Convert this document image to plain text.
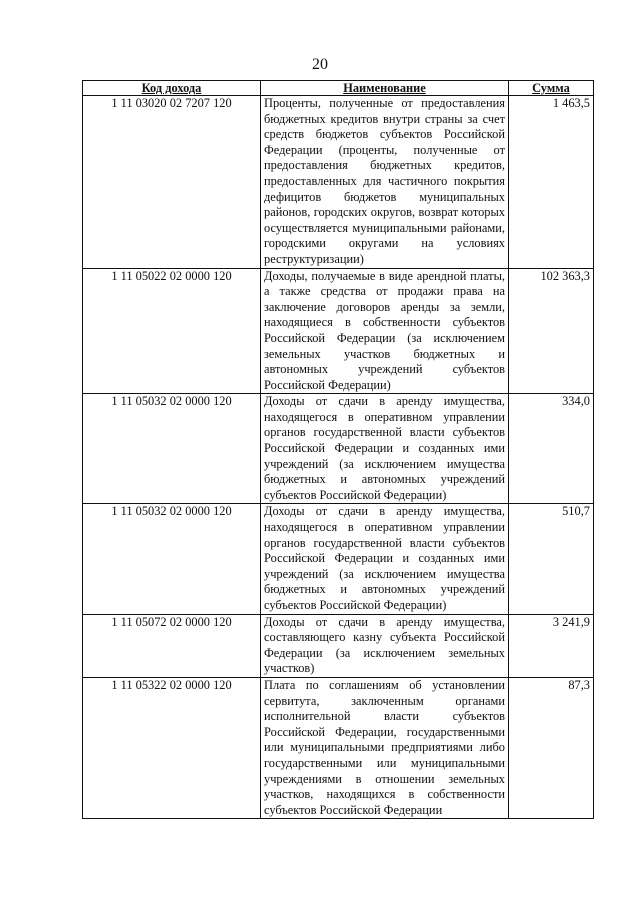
20
Код дохода	Наименование	Сумма
1 11 03020 02 7207 120	Проценты, полученные от предоставления бюджетных кредитов внутри страны за счет средств бюджетов субъектов Российской Федерации (проценты, полученные от предоставления бюджетных кредитов, предоставленных для частичного покрытия дефицитов бюджетов муниципальных районов, городских округов, возврат которых осуществляется муниципальными районами, городскими округами на условиях реструктуризации)	1 463,5
1 11 05022 02 0000 120	Доходы, получаемые в виде арендной платы, а также средства от продажи права на заключение договоров аренды за земли, находящиеся в собственности субъектов Российской Федерации (за исключением земельных участков бюджетных и автономных учреждений субъектов Российской Федерации)	102 363,3
1 11 05032 02 0000 120	Доходы от сдачи в аренду имущества, находящегося в оперативном управлении органов государственной власти субъектов Российской Федерации и созданных ими учреждений (за исключением имущества бюджетных и автономных учреждений субъектов Российской Федерации)	334,0
1 11 05032 02 0000 120	Доходы от сдачи в аренду имущества, находящегося в оперативном управлении органов государственной власти субъектов Российской Федерации и созданных ими учреждений (за исключением имущества бюджетных и автономных учреждений субъектов Российской Федерации)	510,7
1 11 05072 02 0000 120	Доходы от сдачи в аренду имущества, составляющего казну субъекта Российской Федерации (за исключением земельных участков)	3 241,9
1 11 05322 02 0000 120	Плата по соглашениям об установлении сервитута, заключенным органами исполнительной власти субъектов Российской Федерации, государственными или муниципальными предприятиями либо государственными или муниципальными учреждениями в отношении земельных участков, находящихся в собственности субъектов Российской Федерации	87,3
